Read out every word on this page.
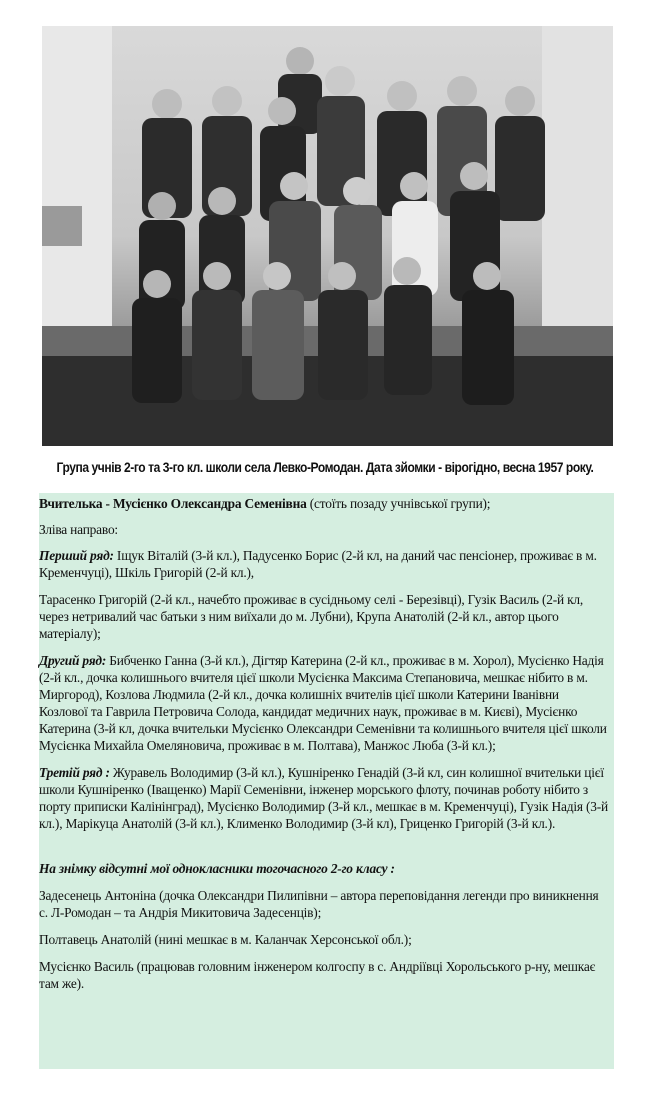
Група учнів 2-го та 3-го кл. школи села Левко-Ромодан. Дата зйомки - вірогідно, весна 1957 року.

Вчителька - Мусієнко Олександра Семенівна (стоїть позаду учнівської групи);

Зліва направо:

Перший ряд: Іщук Віталій (3-й кл.), Падусенко Борис (2-й кл, на даний час пенсіонер, проживає в м. Кременчуці), Шкіль Григорій (2-й кл.),

Тарасенко Григорій (2-й кл., начебто проживає в сусідньому селі - Березівці), Гузік Василь (2-й кл, через нетривалий час батьки з ним виїхали до м. Лубни), Крупа Анатолій (2-й кл., автор цього матеріалу);

Другий ряд: Бибченко Ганна (3-й кл.), Дігтяр Катерина (2-й кл., проживає в м. Хорол), Мусієнко Надія (2-й кл., дочка колишнього вчителя цієї школи Мусієнка Максима Степановича, мешкає нібито в м. Миргород), Козлова Людмила (2-й кл., дочка колишніх вчителів цієї школи Катерини Іванівни Козлової та Гаврила Петровича Солода, кандидат медичних наук, проживає в м. Києві), Мусієнко Катерина (3-й кл, дочка вчительки Мусієнко Олександри Семенівни та колишнього вчителя цієї школи Мусієнка Михайла Омеляновича, проживає в м. Полтава), Манжос Люба (3-й кл.);

Третій ряд : Журавель Володимир (3-й кл.), Кушніренко Генадій (3-й кл, син колишної вчительки цієї школи Кушніренко (Іващенко) Марії Семенівни, інженер морського флоту, починав роботу нібито з порту приписки Калінінград), Мусієнко Володимир (3-й кл., мешкає в м. Кременчуці), Гузік Надія (3-й кл.), Марікуца Анатолій (3-й кл.), Клименко Володимир (3-й кл), Гриценко Григорій (3-й кл.).

На знімку відсутні мої однокласники тогочасного 2-го класу :

Задесенець Антоніна (дочка Олександри Пилипівни – автора переповідання легенди про виникнення с. Л-Ромодан – та Андрія Микитовича Задесенців);

Полтавець Анатолій (нині мешкає в м. Каланчак Херсонської обл.);

Мусієнко Василь (працював головним інженером колгоспу в с. Андріївці Хорольського р-ну, мешкає там же).
